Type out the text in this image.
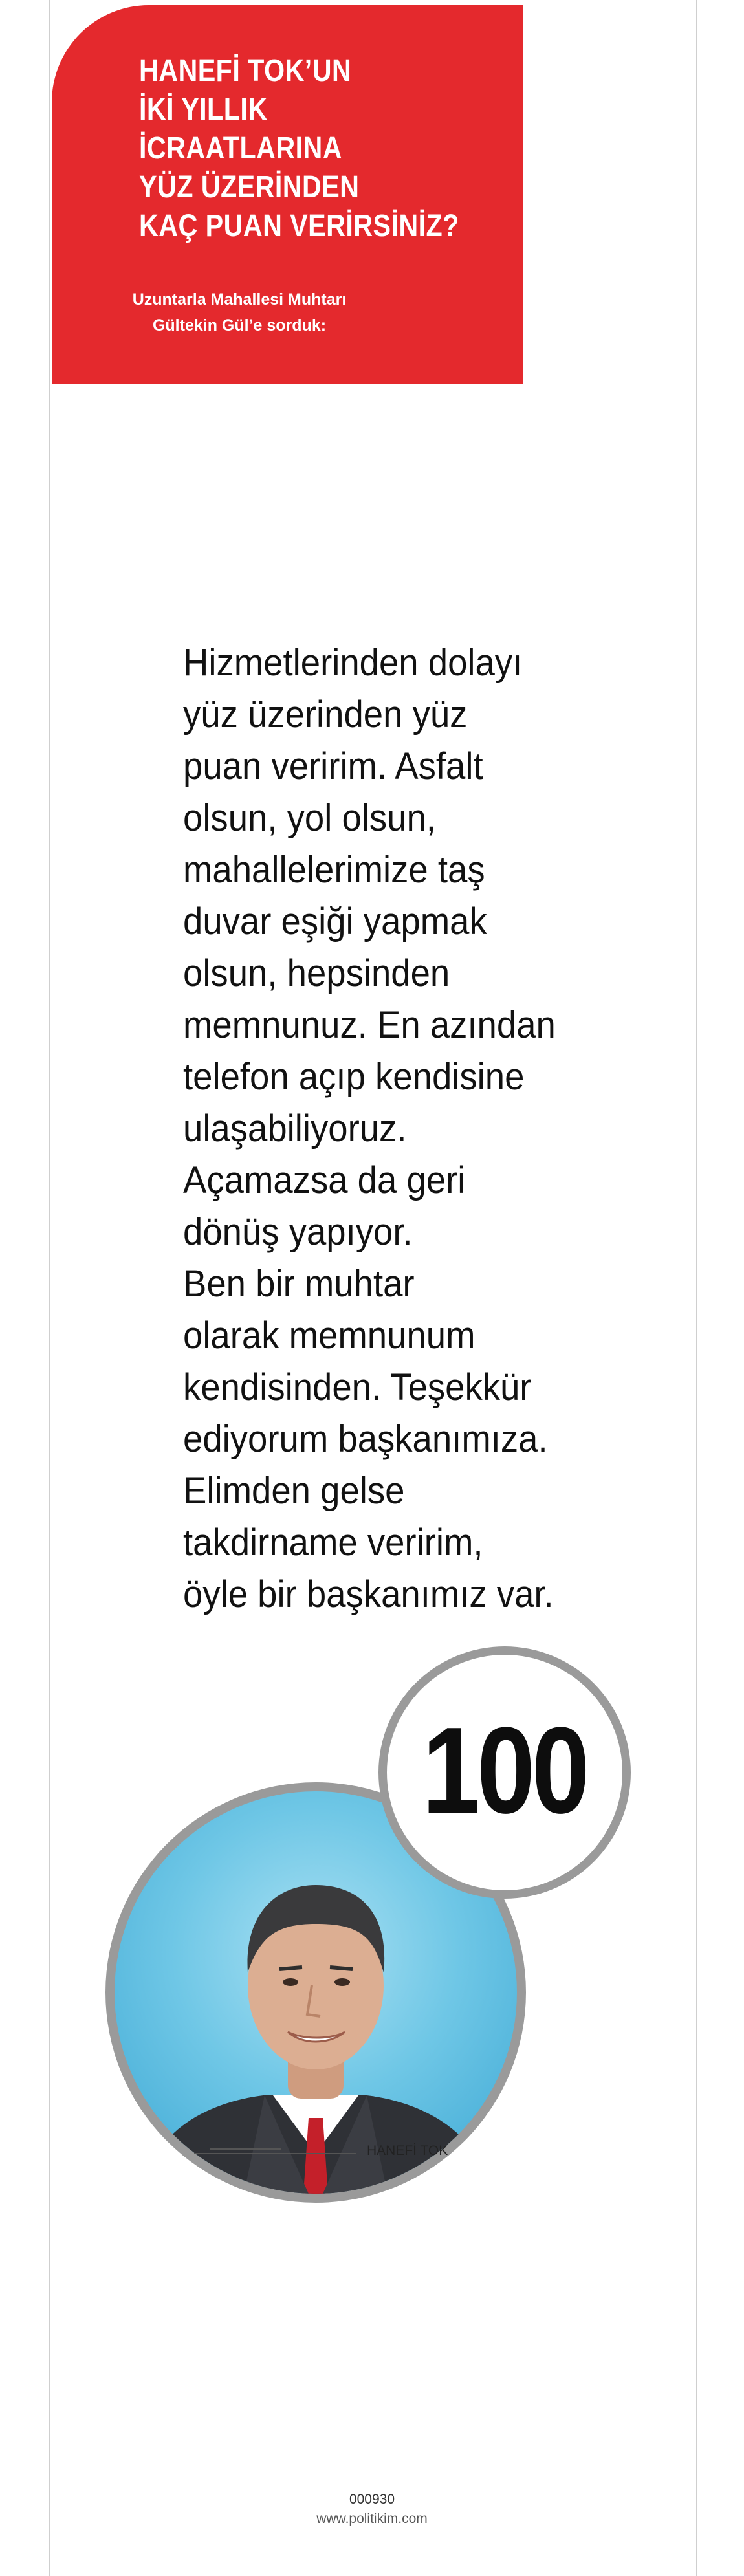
HANEFİ TOK’UN
İKİ YILLIK İCRAATLARINA
YÜZ ÜZERİNDEN
KAÇ PUAN VERİRSİNİZ?
Uzuntarla Mahallesi Muhtarı
Gültekin Gül’e sorduk:
Hizmetlerinden dolayı
yüz üzerinden yüz
puan veririm. Asfalt
olsun, yol olsun,
mahallelerimize taş
duvar eşiği yapmak
olsun, hepsinden
memnunuz. En azından
telefon açıp kendisine
ulaşabiliyoruz.
Açamazsa da geri
dönüş yapıyor.
Ben bir muhtar
olarak memnunum
kendisinden. Teşekkür
ediyorum başkanımıza.
Elimden gelse
takdirname veririm,
öyle bir başkanımız var.
100
HANEFİ TOK
000930
www.politikim.com
